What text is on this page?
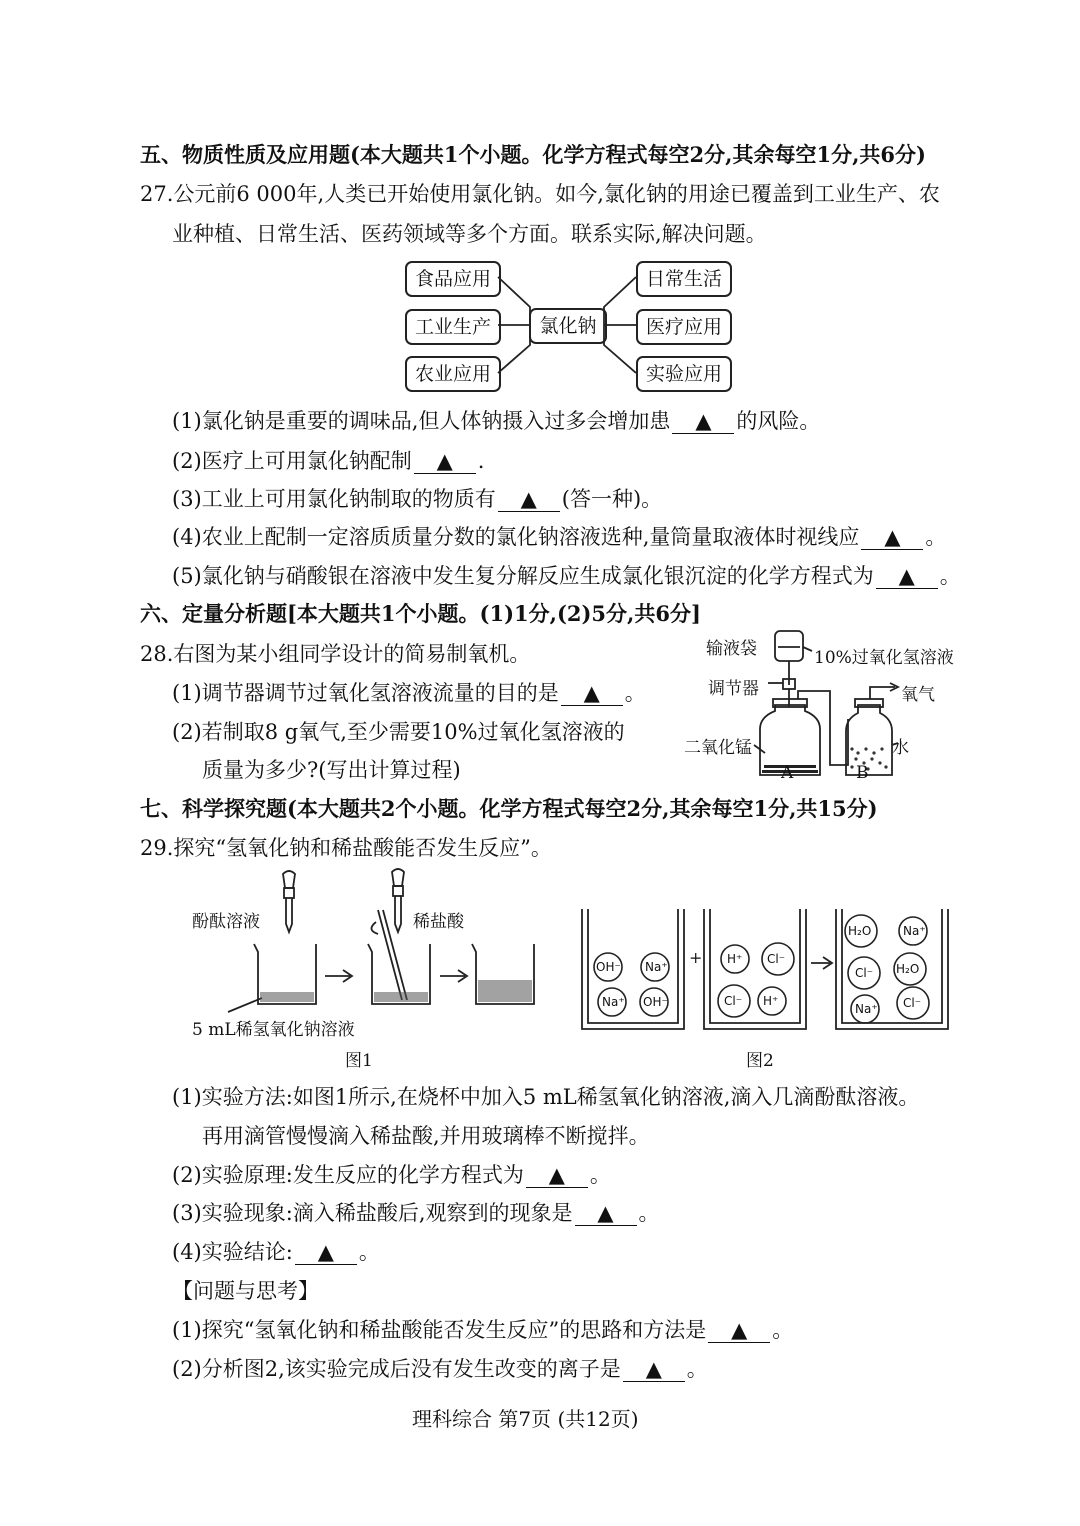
五、物质性质及应用题(本大题共1个小题。化学方程式每空2分,其余每空1分,共6分)
27.公元前6 000年,人类已开始使用氯化钠。如今,氯化钠的用途已覆盖到工业生产、农
业种植、日常生活、医药领域等多个方面。联系实际,解决问题。
氯化钠
食品应用
工业生产
农业应用
日常生活
医疗应用
实验应用
(1)氯化钠是重要的调味品,但人体钠摄入过多会增加患 ▲ 的风险。
(2)医疗上可用氯化钠配制 ▲ .
(3)工业上可用氯化钠制取的物质有 ▲ (答一种)。
(4)农业上配制一定溶质质量分数的氯化钠溶液选种,量筒量取液体时视线应 ▲ 。
(5)氯化钠与硝酸银在溶液中发生复分解反应生成氯化银沉淀的化学方程式为 ▲ 。
六、定量分析题[本大题共1个小题。(1)1分,(2)5分,共6分]
28.右图为某小组同学设计的简易制氧机。
(1)调节器调节过氧化氢溶液流量的目的是 ▲ 。
(2)若制取8 g氧气,至少需要10%过氧化氢溶液的
质量为多少?(写出计算过程)
输液袋	10%过氧化氢溶液
调节器	氧气
二氧化锰	水
A	B
七、科学探究题(本大题共2个小题。化学方程式每空2分,其余每空1分,共15分)
29.探究“氢氧化钠和稀盐酸能否发生反应”。
酚酞溶液	稀盐酸
5 mL稀氢氧化钠溶液
图1
OH⁻ Na⁺
Na⁺ OH⁻
+ H⁺ Cl⁻
Cl⁻ H⁺
H₂O	Na⁺
Cl⁻ H₂O
Na⁺ Cl⁻
图2
(1)实验方法:如图1所示,在烧杯中加入5 mL稀氢氧化钠溶液,滴入几滴酚酞溶液。
再用滴管慢慢滴入稀盐酸,并用玻璃棒不断搅拌。
(2)实验原理:发生反应的化学方程式为 ▲ 。
(3)实验现象:滴入稀盐酸后,观察到的现象是 ▲ 。
(4)实验结论: ▲ 。
【问题与思考】
(1)探究“氢氧化钠和稀盐酸能否发生反应”的思路和方法是 ▲ 。
(2)分析图2,该实验完成后没有发生改变的离子是 ▲ 。
理科综合 第7页 (共12页)
